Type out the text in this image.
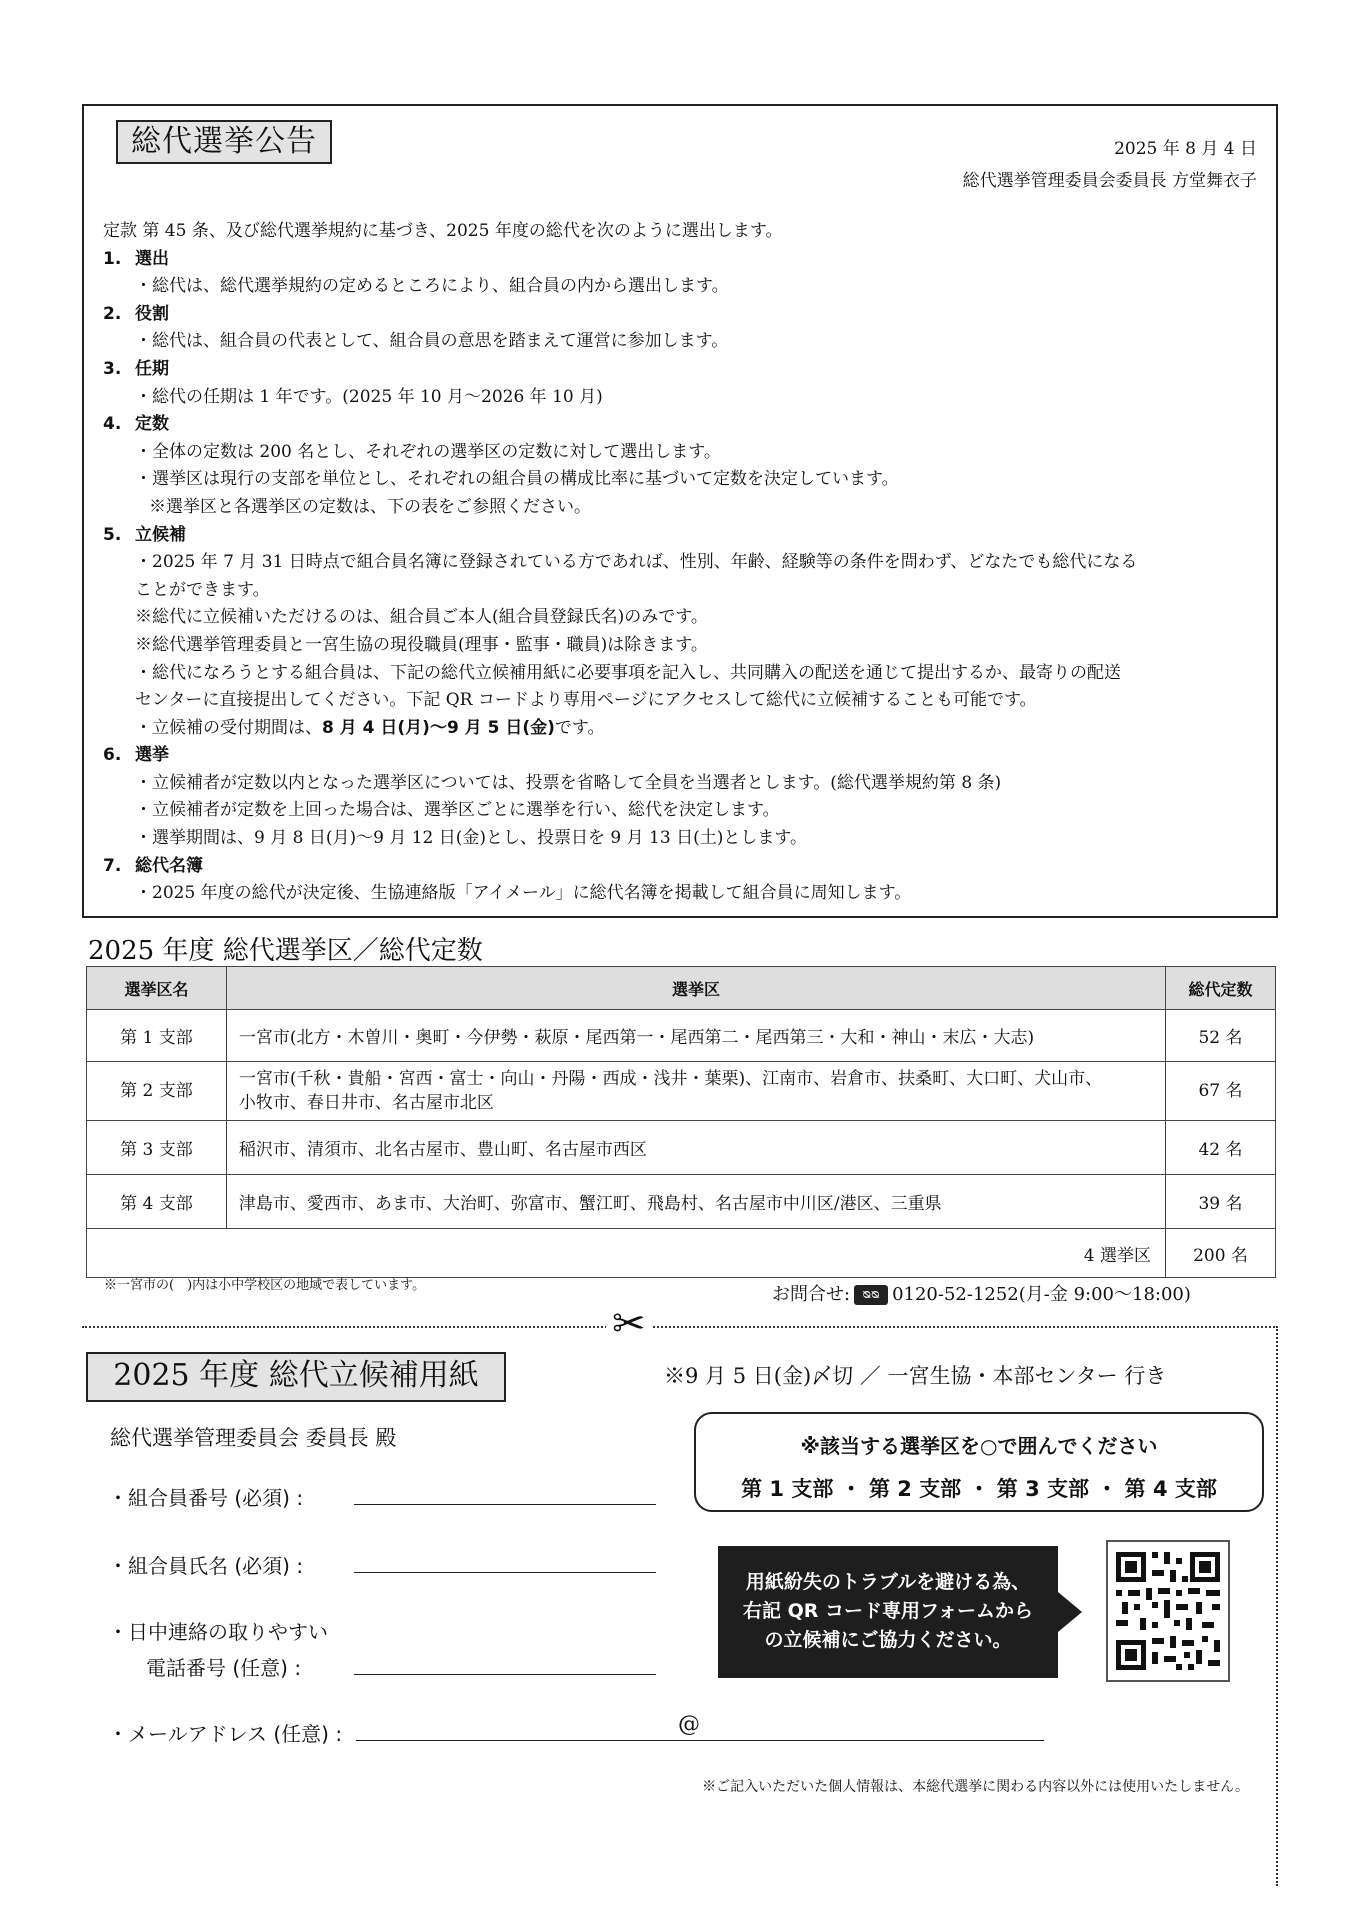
総代選挙公告	2025 年 8 月 4 日
総代選挙管理委員会委員長 方堂舞衣子
定款 第 45 条、及び総代選挙規約に基づき、2025 年度の総代を次のように選出します。
1. 選出
・総代は、総代選挙規約の定めるところにより、組合員の内から選出します。
2. 役割
・総代は、組合員の代表として、組合員の意思を踏まえて運営に参加します。
3. 任期
・総代の任期は 1 年です。(2025 年 10 月～2026 年 10 月)
4. 定数
・全体の定数は 200 名とし、それぞれの選挙区の定数に対して選出します。
・選挙区は現行の支部を単位とし、それぞれの組合員の構成比率に基づいて定数を決定しています。
※選挙区と各選挙区の定数は、下の表をご参照ください。
5. 立候補
・2025 年 7 月 31 日時点で組合員名簿に登録されている方であれば、性別、年齢、経験等の条件を問わず、どなたでも総代になる
ことができます。
※総代に立候補いただけるのは、組合員ご本人(組合員登録氏名)のみです。
※総代選挙管理委員と一宮生協の現役職員(理事・監事・職員)は除きます。
・総代になろうとする組合員は、下記の総代立候補用紙に必要事項を記入し、共同購入の配送を通じて提出するか、最寄りの配送
センターに直接提出してください。下記 QR コードより専用ページにアクセスして総代に立候補することも可能です。
・立候補の受付期間は、8 月 4 日(月)～9 月 5 日(金)です。
6. 選挙
・立候補者が定数以内となった選挙区については、投票を省略して全員を当選者とします。(総代選挙規約第 8 条)
・立候補者が定数を上回った場合は、選挙区ごとに選挙を行い、総代を決定します。
・選挙期間は、9 月 8 日(月)～9 月 12 日(金)とし、投票日を 9 月 13 日(土)とします。
7. 総代名簿
・2025 年度の総代が決定後、生協連絡版「アイメール」に総代名簿を掲載して組合員に周知します。
2025 年度 総代選挙区／総代定数
選挙区名	選挙区	総代定数
第 1 支部	一宮市(北方・木曽川・奥町・今伊勢・萩原・尾西第一・尾西第二・尾西第三・大和・神山・末広・大志)	52 名
第 2 支部	一宮市(千秋・貴船・宮西・富士・向山・丹陽・西成・浅井・葉栗)、江南市、岩倉市、扶桑町、大口町、犬山市、
小牧市、春日井市、名古屋市北区	67 名
第 3 支部	稲沢市、清須市、北名古屋市、豊山町、名古屋市西区	42 名
第 4 支部	津島市、愛西市、あま市、大治町、弥富市、蟹江町、飛島村、名古屋市中川区/港区、三重県	39 名
4 選挙区		200 名
※一宮市の(　)内は小中学校区の地域で表しています。	お問合せ: ᴓᴓ 0120-52-1252(月-金 9:00～18:00)
✂
2025 年度 総代立候補用紙	※9 月 5 日(金)〆切 ／ 一宮生協・本部センター 行き
総代選挙管理委員会 委員長 殿
・組合員番号 (必須) :
・組合員氏名 (必須) :
・日中連絡の取りやすい
電話番号 (任意) :
・メールアドレス (任意) :	@
※該当する選挙区を○で囲んでください
第 1 支部 ・ 第 2 支部 ・ 第 3 支部 ・ 第 4 支部
用紙紛失のトラブルを避ける為、
右記 QR コード専用フォームから
の立候補にご協力ください。
※ご記入いただいた個人情報は、本総代選挙に関わる内容以外には使用いたしません。
